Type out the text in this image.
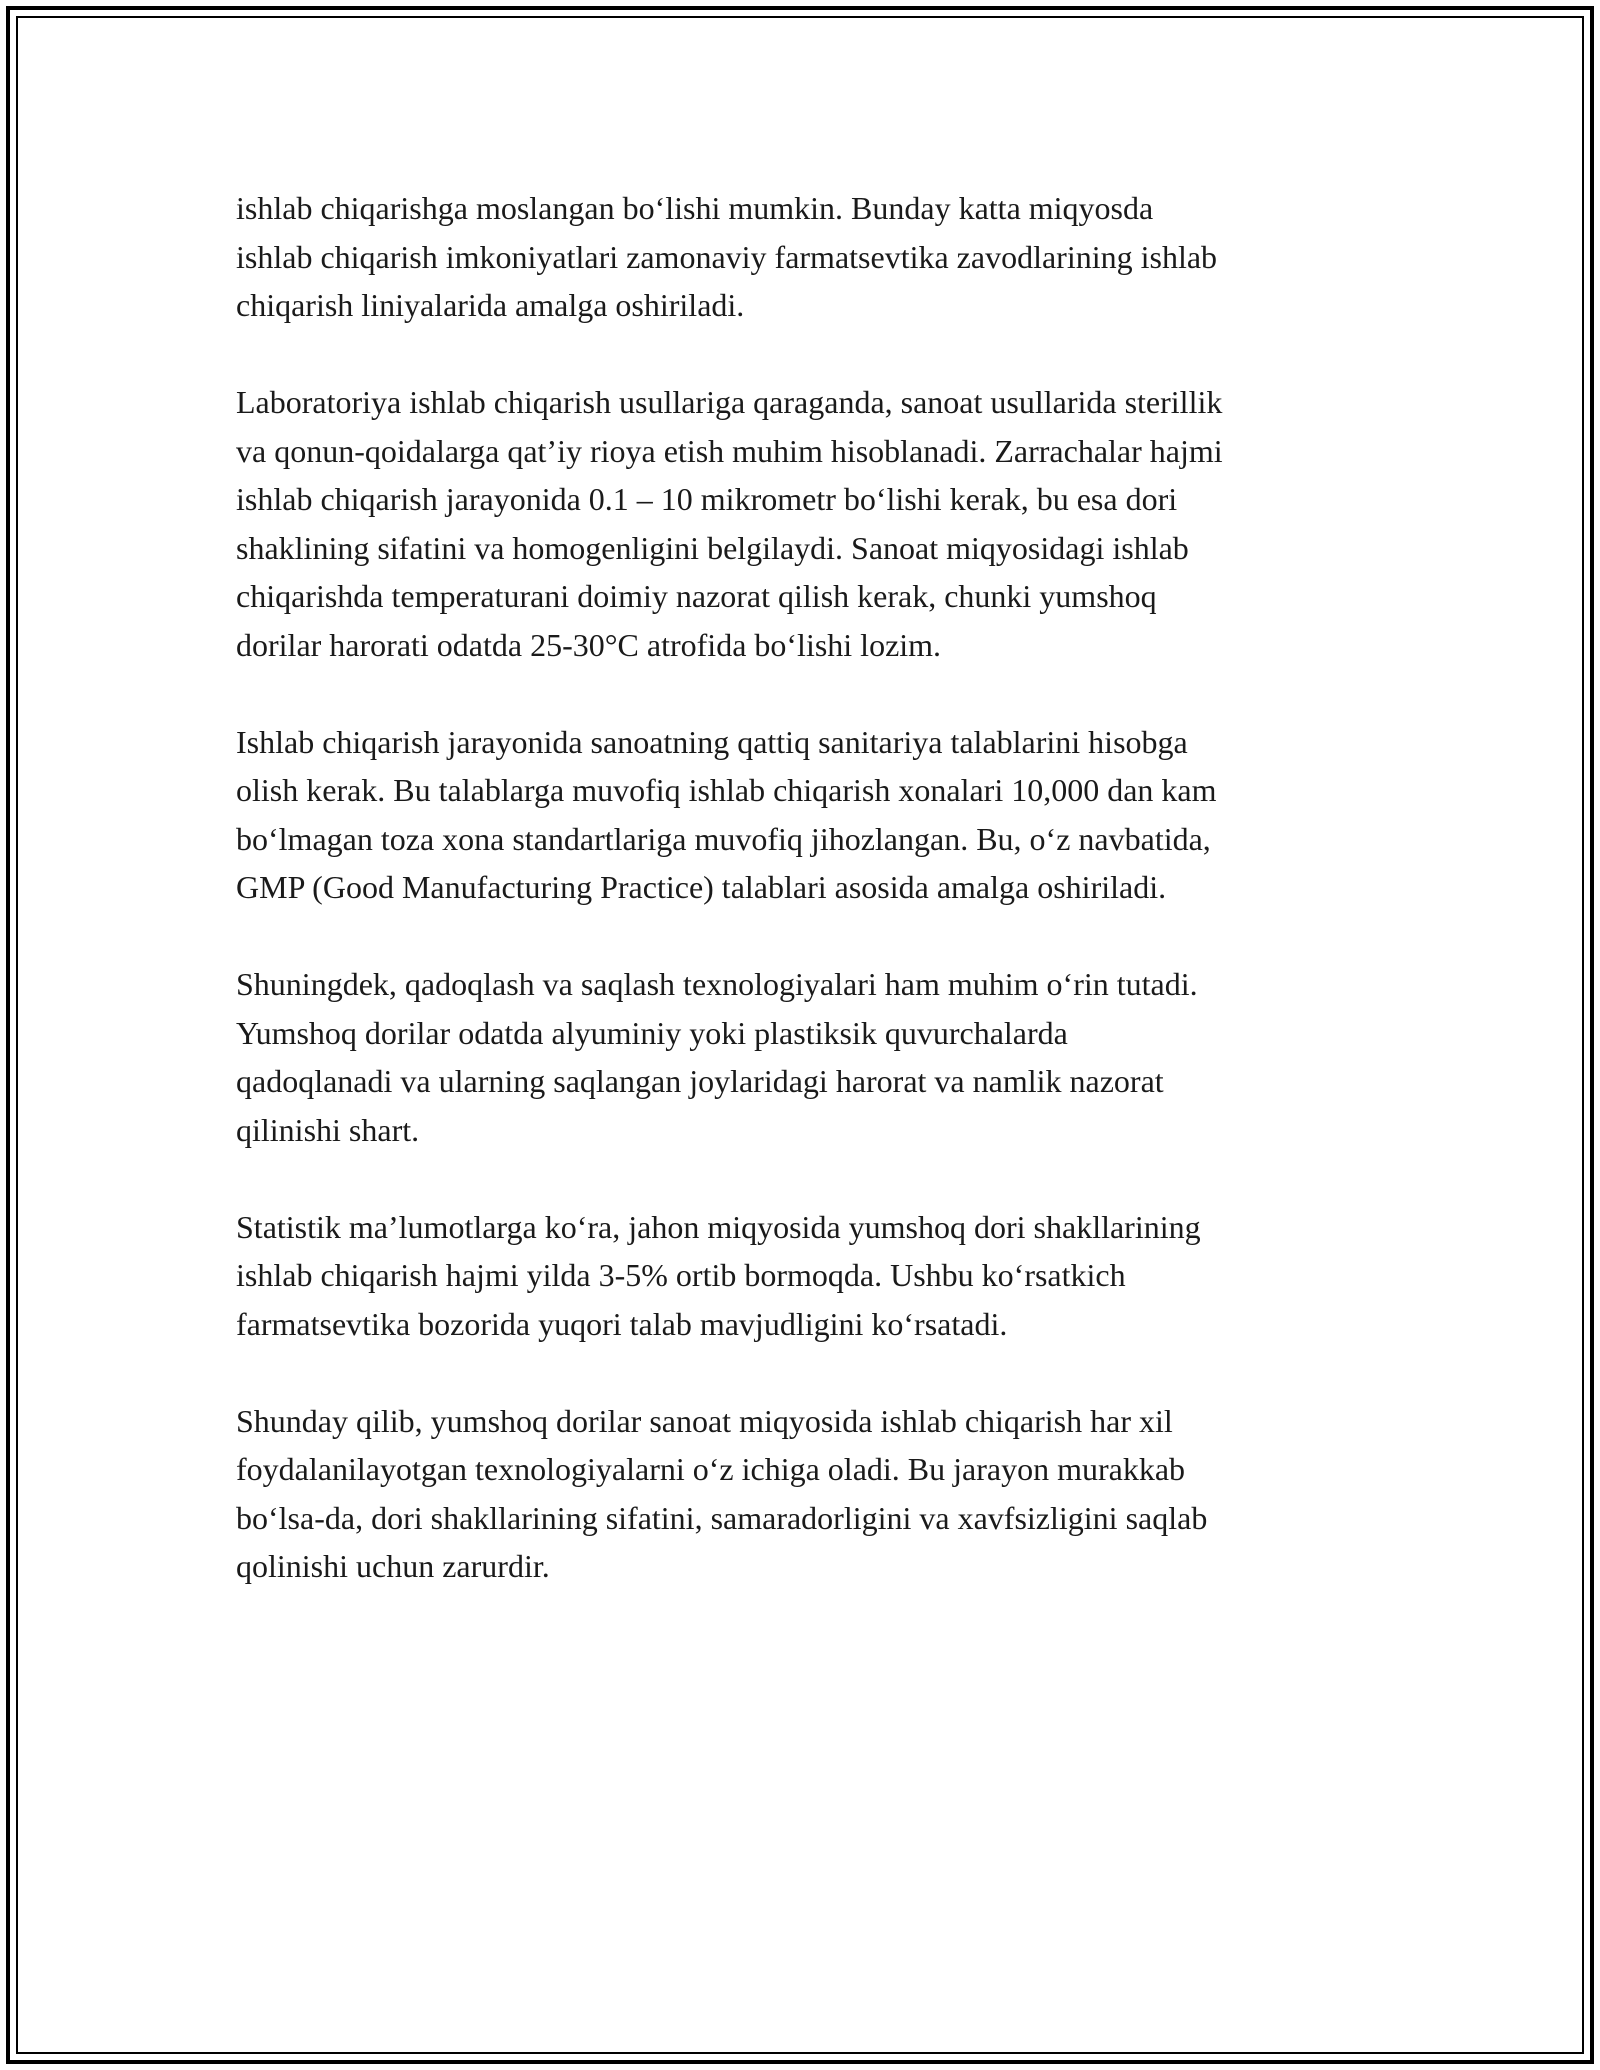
ishlab chiqarishga moslangan bo‘lishi mumkin. Bunday katta miqyosda
ishlab chiqarish imkoniyatlari zamonaviy farmatsevtika zavodlarining ishlab
chiqarish liniyalarida amalga oshiriladi.

Laboratoriya ishlab chiqarish usullariga qaraganda, sanoat usullarida sterillik
va qonun-qoidalarga qat’iy rioya etish muhim hisoblanadi. Zarrachalar hajmi
ishlab chiqarish jarayonida 0.1 – 10 mikrometr bo‘lishi kerak, bu esa dori
shaklining sifatini va homogenligini belgilaydi. Sanoat miqyosidagi ishlab
chiqarishda temperaturani doimiy nazorat qilish kerak, chunki yumshoq
dorilar harorati odatda 25-30°C atrofida bo‘lishi lozim.

Ishlab chiqarish jarayonida sanoatning qattiq sanitariya talablarini hisobga
olish kerak. Bu talablarga muvofiq ishlab chiqarish xonalari 10,000 dan kam
bo‘lmagan toza xona standartlariga muvofiq jihozlangan. Bu, o‘z navbatida,
GMP (Good Manufacturing Practice) talablari asosida amalga oshiriladi.

Shuningdek, qadoqlash va saqlash texnologiyalari ham muhim o‘rin tutadi.
Yumshoq dorilar odatda alyuminiy yoki plastiksik quvurchalarda
qadoqlanadi va ularning saqlangan joylaridagi harorat va namlik nazorat
qilinishi shart.

Statistik ma’lumotlarga ko‘ra, jahon miqyosida yumshoq dori shakllarining
ishlab chiqarish hajmi yilda 3-5% ortib bormoqda. Ushbu ko‘rsatkich
farmatsevtika bozorida yuqori talab mavjudligini ko‘rsatadi.

Shunday qilib, yumshoq dorilar sanoat miqyosida ishlab chiqarish har xil
foydalanilayotgan texnologiyalarni o‘z ichiga oladi. Bu jarayon murakkab
bo‘lsa-da, dori shakllarining sifatini, samaradorligini va xavfsizligini saqlab
qolinishi uchun zarurdir.
